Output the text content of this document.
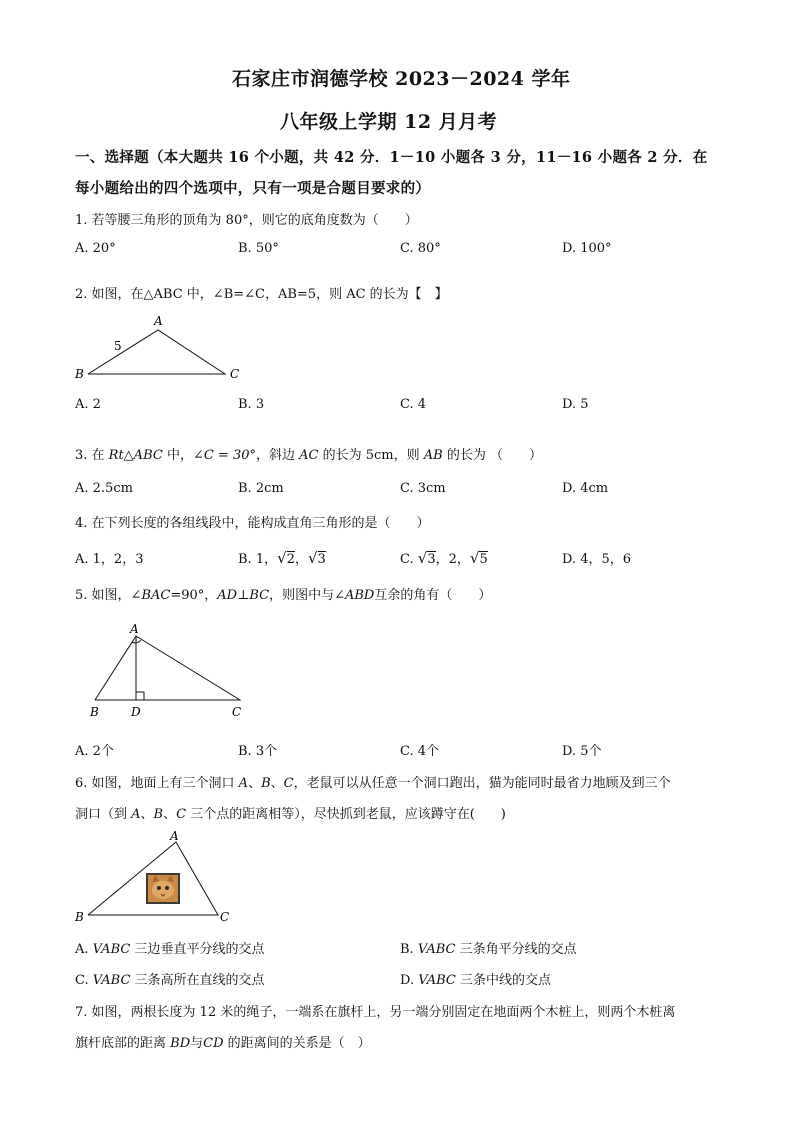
石家庄市润德学校 2023－2024 学年
八年级上学期 12 月月考
一、选择题（本大题共 16 个小题，共 42 分．1－10 小题各 3 分，11－16 小题各 2 分．在
每小题给出的四个选项中，只有一项是合题目要求的）
1. 若等腰三角形的顶角为 80°，则它的底角度数为（　　）
A. 20°	B. 50°	C. 80°	D. 100°
2. 如图，在△ABC 中，∠B=∠C，AB=5，则 AC 的长为【　】
A
B	C
5
A. 2	B. 3	C. 4	D. 5
3. 在 Rt△ABC 中，∠C = 30°，斜边 AC 的长为 5cm，则 AB 的长为 （　　）
A. 2.5cm	B. 2cm	C. 3cm	D. 4cm
4. 在下列长度的各组线段中，能构成直角三角形的是（　　）
A. 1，2，3	B. 1，√2，√3	C. √3，2，√5	D. 4，5，6
5. 如图，∠BAC=90°，AD⊥BC，则图中与∠ABD互余的角有（　　）
A
B	D	C
A. 2个	B. 3个	C. 4个	D. 5个
6. 如图，地面上有三个洞口 A、B、C，老鼠可以从任意一个洞口跑出，猫为能同时最省力地顾及到三个
洞口（到 A、B、C 三个点的距离相等），尽快抓到老鼠，应该蹲守在(　　)
A
B	C
A. VABC 三边垂直平分线的交点	B. VABC 三条角平分线的交点
C. VABC 三条高所在直线的交点	D. VABC 三条中线的交点
7. 如图，两根长度为 12 米的绳子，一端系在旗杆上，另一端分别固定在地面两个木桩上，则两个木桩离
旗杆底部的距离 BD与CD 的距离间的关系是（　）
